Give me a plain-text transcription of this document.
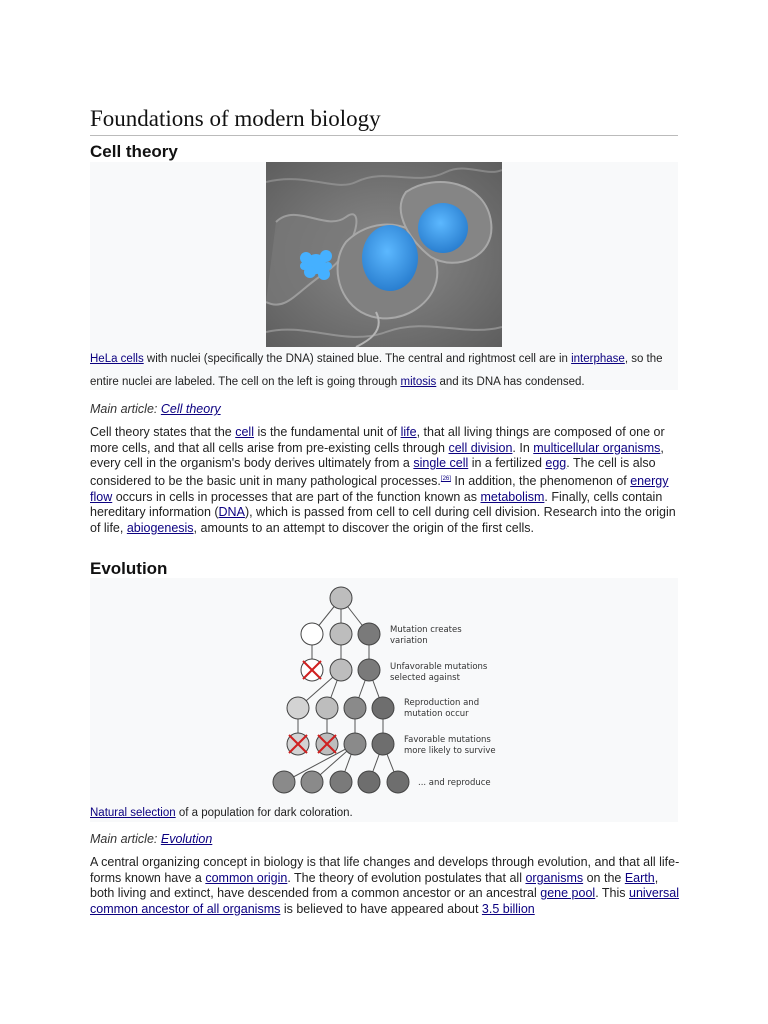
Foundations of modern biology
Cell theory
HeLa cells with nuclei (specifically the DNA) stained blue. The central and rightmost cell are in interphase, so the entire nuclei are labeled. The cell on the left is going through mitosis and its DNA has condensed.
Main article: Cell theory

Cell theory states that the cell is the fundamental unit of life, that all living things are composed of one or more cells, and that all cells arise from pre-existing cells through cell division. In multicellular organisms, every cell in the organism's body derives ultimately from a single cell in a fertilized egg. The cell is also considered to be the basic unit in many pathological processes.[26] In addition, the phenomenon of energy flow occurs in cells in processes that are part of the function known as metabolism. Finally, cells contain hereditary information (DNA), which is passed from cell to cell during cell division. Research into the origin of life, abiogenesis, amounts to an attempt to discover the origin of the first cells.

Evolution
Mutation creates
variation
Unfavorable mutations
selected against
Reproduction and
mutation occur
Favorable mutations
more likely to survive
... and reproduce
Natural selection of a population for dark coloration.
Main article: Evolution

A central organizing concept in biology is that life changes and develops through evolution, and that all life-forms known have a common origin. The theory of evolution postulates that all organisms on the Earth, both living and extinct, have descended from a common ancestor or an ancestral gene pool. This universal common ancestor of all organisms is believed to have appeared about 3.5 billion
